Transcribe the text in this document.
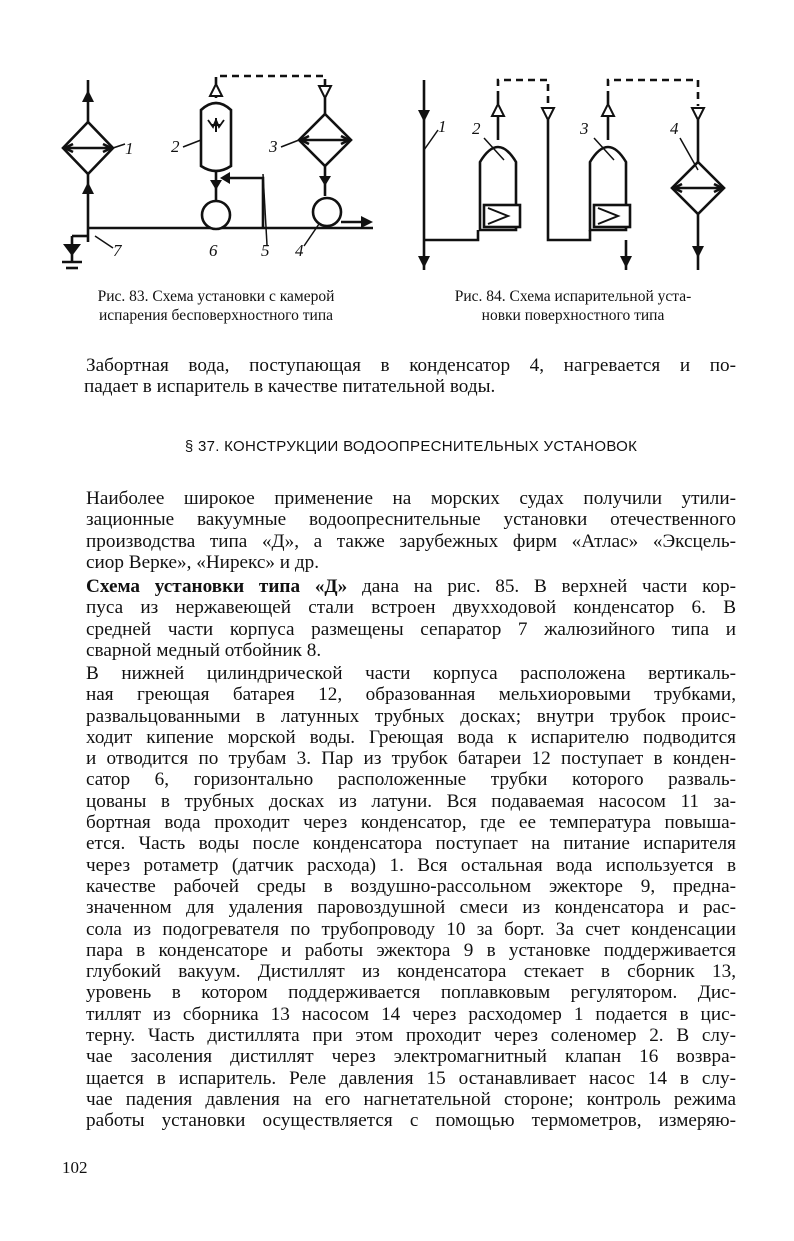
1 2	3
4
5
6
7
Рис. 83. Схема установки с камерой
испарения бесповерхностного типа
1 2	3	4
Рис. 84. Схема испарительной уста-
новки поверхностного типа

Забортная вода, поступающая в конденсатор 4, нагревается и по-

падает в испаритель в качестве питательной воды.

§ 37. КОНСТРУКЦИИ ВОДООПРЕСНИТЕЛЬНЫХ УСТАНОВОК

Наиболее широкое применение на морских судах получили утили-

зационные вакуумные водоопреснительные установки отечественного

производства типа «Д», а также зарубежных фирм «Атлас» «Эксцель-

сиор Верке», «Нирекс» и др.

Схема установки типа «Д» дана на рис. 85. В верхней части кор-

пуса из нержавеющей стали встроен двухходовой конденсатор 6. В

средней части корпуса размещены сепаратор 7 жалюзийного типа и

сварной медный отбойник 8.

В нижней цилиндрической части корпуса расположена вертикаль-

ная греющая батарея 12, образованная мельхиоровыми трубками,

развальцованными в латунных трубных досках; внутри трубок проис-

ходит кипение морской воды. Греющая вода к испарителю подводится

и отводится по трубам 3. Пар из трубок батареи 12 поступает в конден-

сатор 6, горизонтально расположенные трубки которого разваль-

цованы в трубных досках из латуни. Вся подаваемая насосом 11 за-

бортная вода проходит через конденсатор, где ее температура повыша-

ется. Часть воды после конденсатора поступает на питание испарителя

через ротаметр (датчик расхода) 1. Вся остальная вода используется в

качестве рабочей среды в воздушно-рассольном эжекторе 9, предна-

значенном для удаления паровоздушной смеси из конденсатора и рас-

сола из подогревателя по трубопроводу 10 за борт. За счет конденсации

пара в конденсаторе и работы эжектора 9 в установке поддерживается

глубокий вакуум. Дистиллят из конденсатора стекает в сборник 13,

уровень в котором поддерживается поплавковым регулятором. Дис-

тиллят из сборника 13 насосом 14 через расходомер 1 подается в цис-

терну. Часть дистиллята при этом проходит через соленомер 2. В слу-

чае засоления дистиллят через электромагнитный клапан 16 возвра-

щается в испаритель. Реле давления 15 останавливает насос 14 в слу-

чае падения давления на его нагнетательной стороне; контроль режима

работы установки осуществляется с помощью термометров, измеряю-

102
